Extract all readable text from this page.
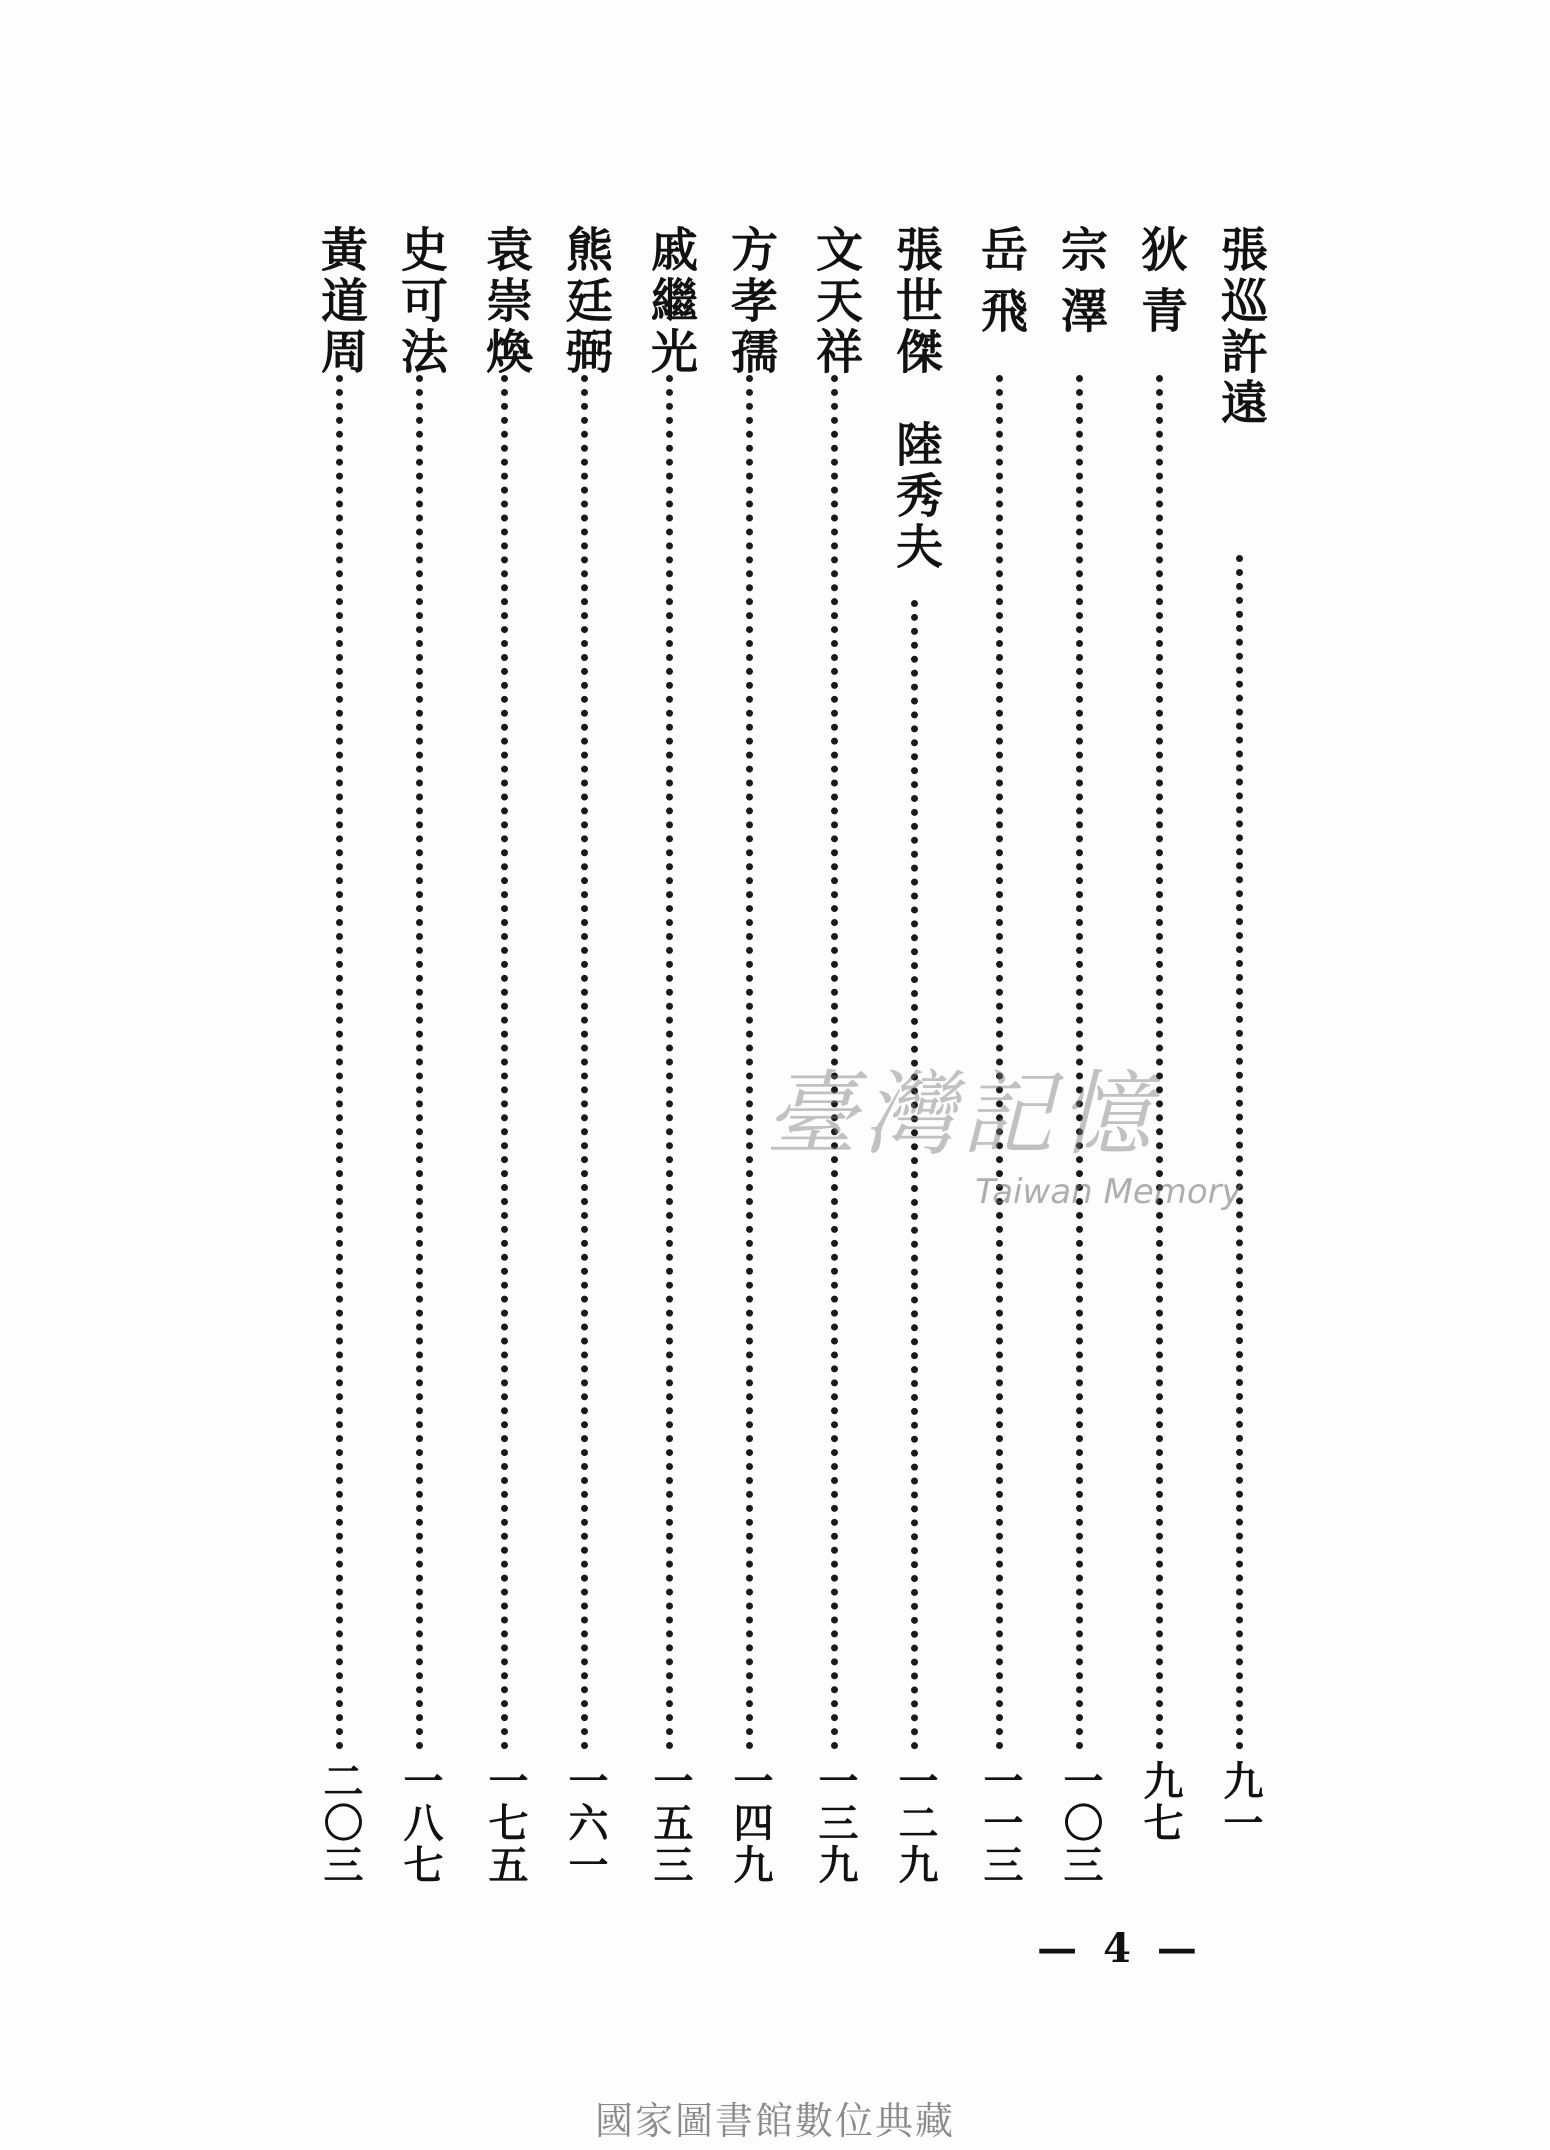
張巡許遠
九一
狄青
九七
宗澤
一〇三
岳飛
一一三
張世傑
陸秀夫
一二九
文天祥
一三九
方孝孺
一四九
戚繼光
一五三
熊廷弼
一六一
袁崇煥
一七五
史可法
一八七
黃道周
二〇三
— 4 —
臺灣記憶
Taiwan Memory
國家圖書館數位典藏
